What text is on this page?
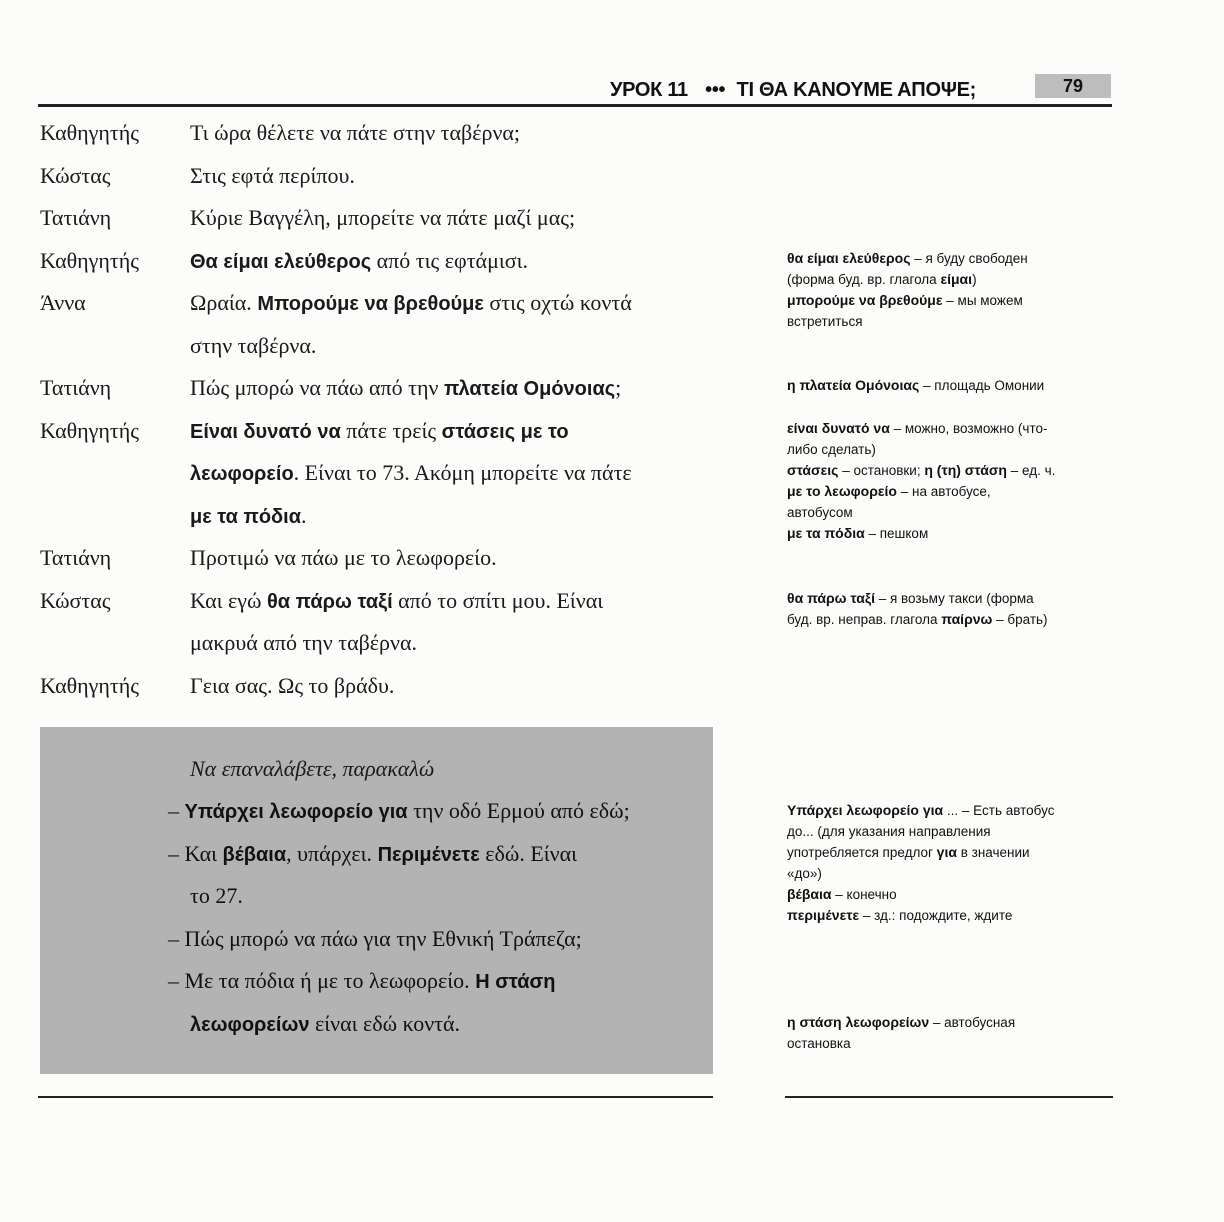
УРОК 11 ••• ΤΙ ΘΑ ΚΑΝΟΥΜΕ ΑΠΟΨΕ;	79
Να επαναλάβετε, παρακαλώ
Καθηγητής Τι ώρα θέλετε να πάτε στην ταβέρνα;
Κώστας	Στις εφτά περίπου.
Τατιάνη	Κύριε Βαγγέλη, μπορείτε να πάτε μαζί μας;
Καθηγητής	Θα είμαι ελεύθερος από τις εφτάμισι.
Άννα	Ωραία. Μπορούμε να βρεθούμε στις οχτώ κοντά
στην ταβέρνα.
Τατιάνη	Πώς μπορώ να πάω από την πλατεία Ομόνοιας;
Καθηγητής	Είναι δυνατό να πάτε τρείς στάσεις με το
λεωφορείο. Είναι το 73. Ακόμη μπορείτε να πάτε
με τα πόδια.
Τατιάνη	Προτιμώ να πάω με το λεωφορείο.
Κώστας	Και εγώ θα πάρω ταξί από το σπίτι μου. Είναι
μακρυά από την ταβέρνα.
Καθηγητής Γεια σας. Ως το βράδυ.
– Υπάρχει λεωφορείο για την οδό Ερμού από εδώ;
– Και βέβαια, υπάρχει. Περιμένετε εδώ. Είναι
το 27.
– Πώς μπορώ να πάω για την Εθνική Τράπεζα;
– Με τα πόδια ή με το λεωφορείο. Η στάση
λεωφορείων είναι εδώ κοντά.
θα είμαι ελεύθερος – я буду свободен
(форма буд. вр. глагола είμαι)
μπορούμε να βρεθούμε – мы можем
встретиться
η πλατεία Ομόνοιας – площадь Омонии
είναι δυνατό να – можно, возможно (что-
либо сделать)
στάσεις – остановки; η (τη) στάση – ед. ч.
με το λεωφορείο – на автобусе,
автобусом
με τα πόδια – пешком
θα πάρω ταξί – я возьму такси (форма
буд. вр. неправ. глагола παίρνω – брать)
Υπάρχει λεωφορείο για ... – Есть автобус
до... (для указания направления
употребляется предлог για в значении
«до»)
βέβαια – конечно
περιμένετε – зд.: подождите, ждите
η στάση λεωφορείων – автобусная
остановка
